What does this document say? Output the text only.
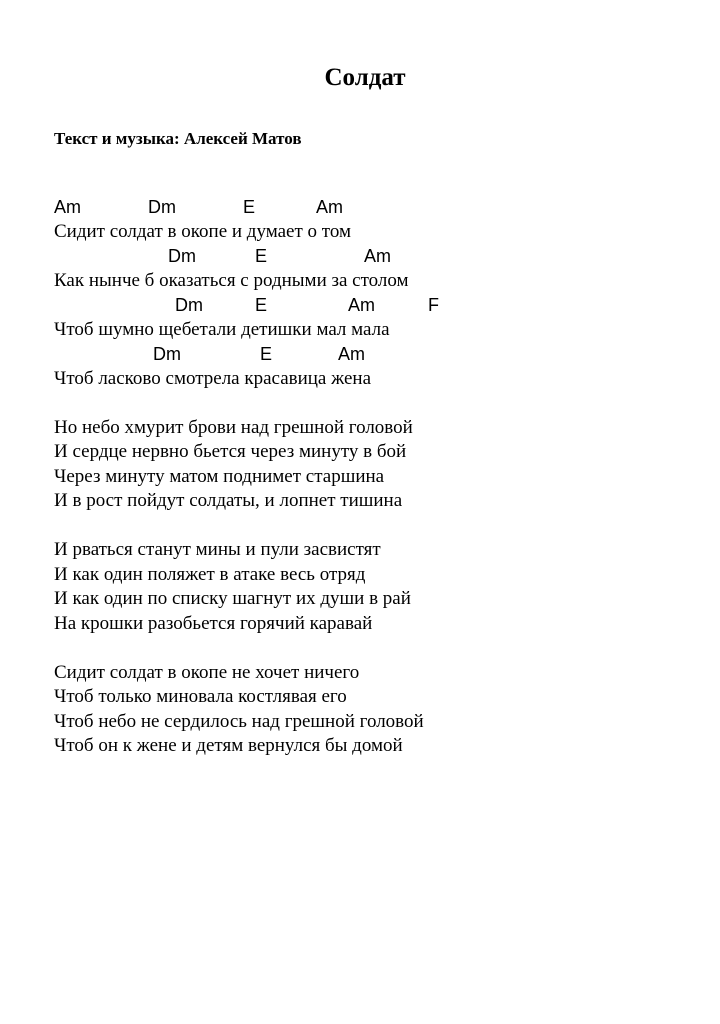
Солдат
Текст и музыка: Алексей Матов
Am	Dm	E	Am
Сидит солдат в окопе и думает о том
Dm	E	Am
Как нынче б оказаться с родными за столом
Dm	E	Am	F
Чтоб шумно щебетали детишки мал мала
Dm	E	Am
Чтоб ласково смотрела красавица жена
Но небо хмурит брови над грешной головой
И сердце нервно бьется через минуту в бой
Через минуту матом поднимет старшина
И в рост пойдут солдаты, и лопнет тишина
И рваться станут мины и пули засвистят
И как один поляжет в атаке весь отряд
И как один по списку шагнут их души в рай
На крошки разобьется горячий каравай
Сидит солдат в окопе не хочет ничего
Чтоб только миновала костлявая его
Чтоб небо не сердилось над грешной головой
Чтоб он к жене и детям вернулся бы домой
